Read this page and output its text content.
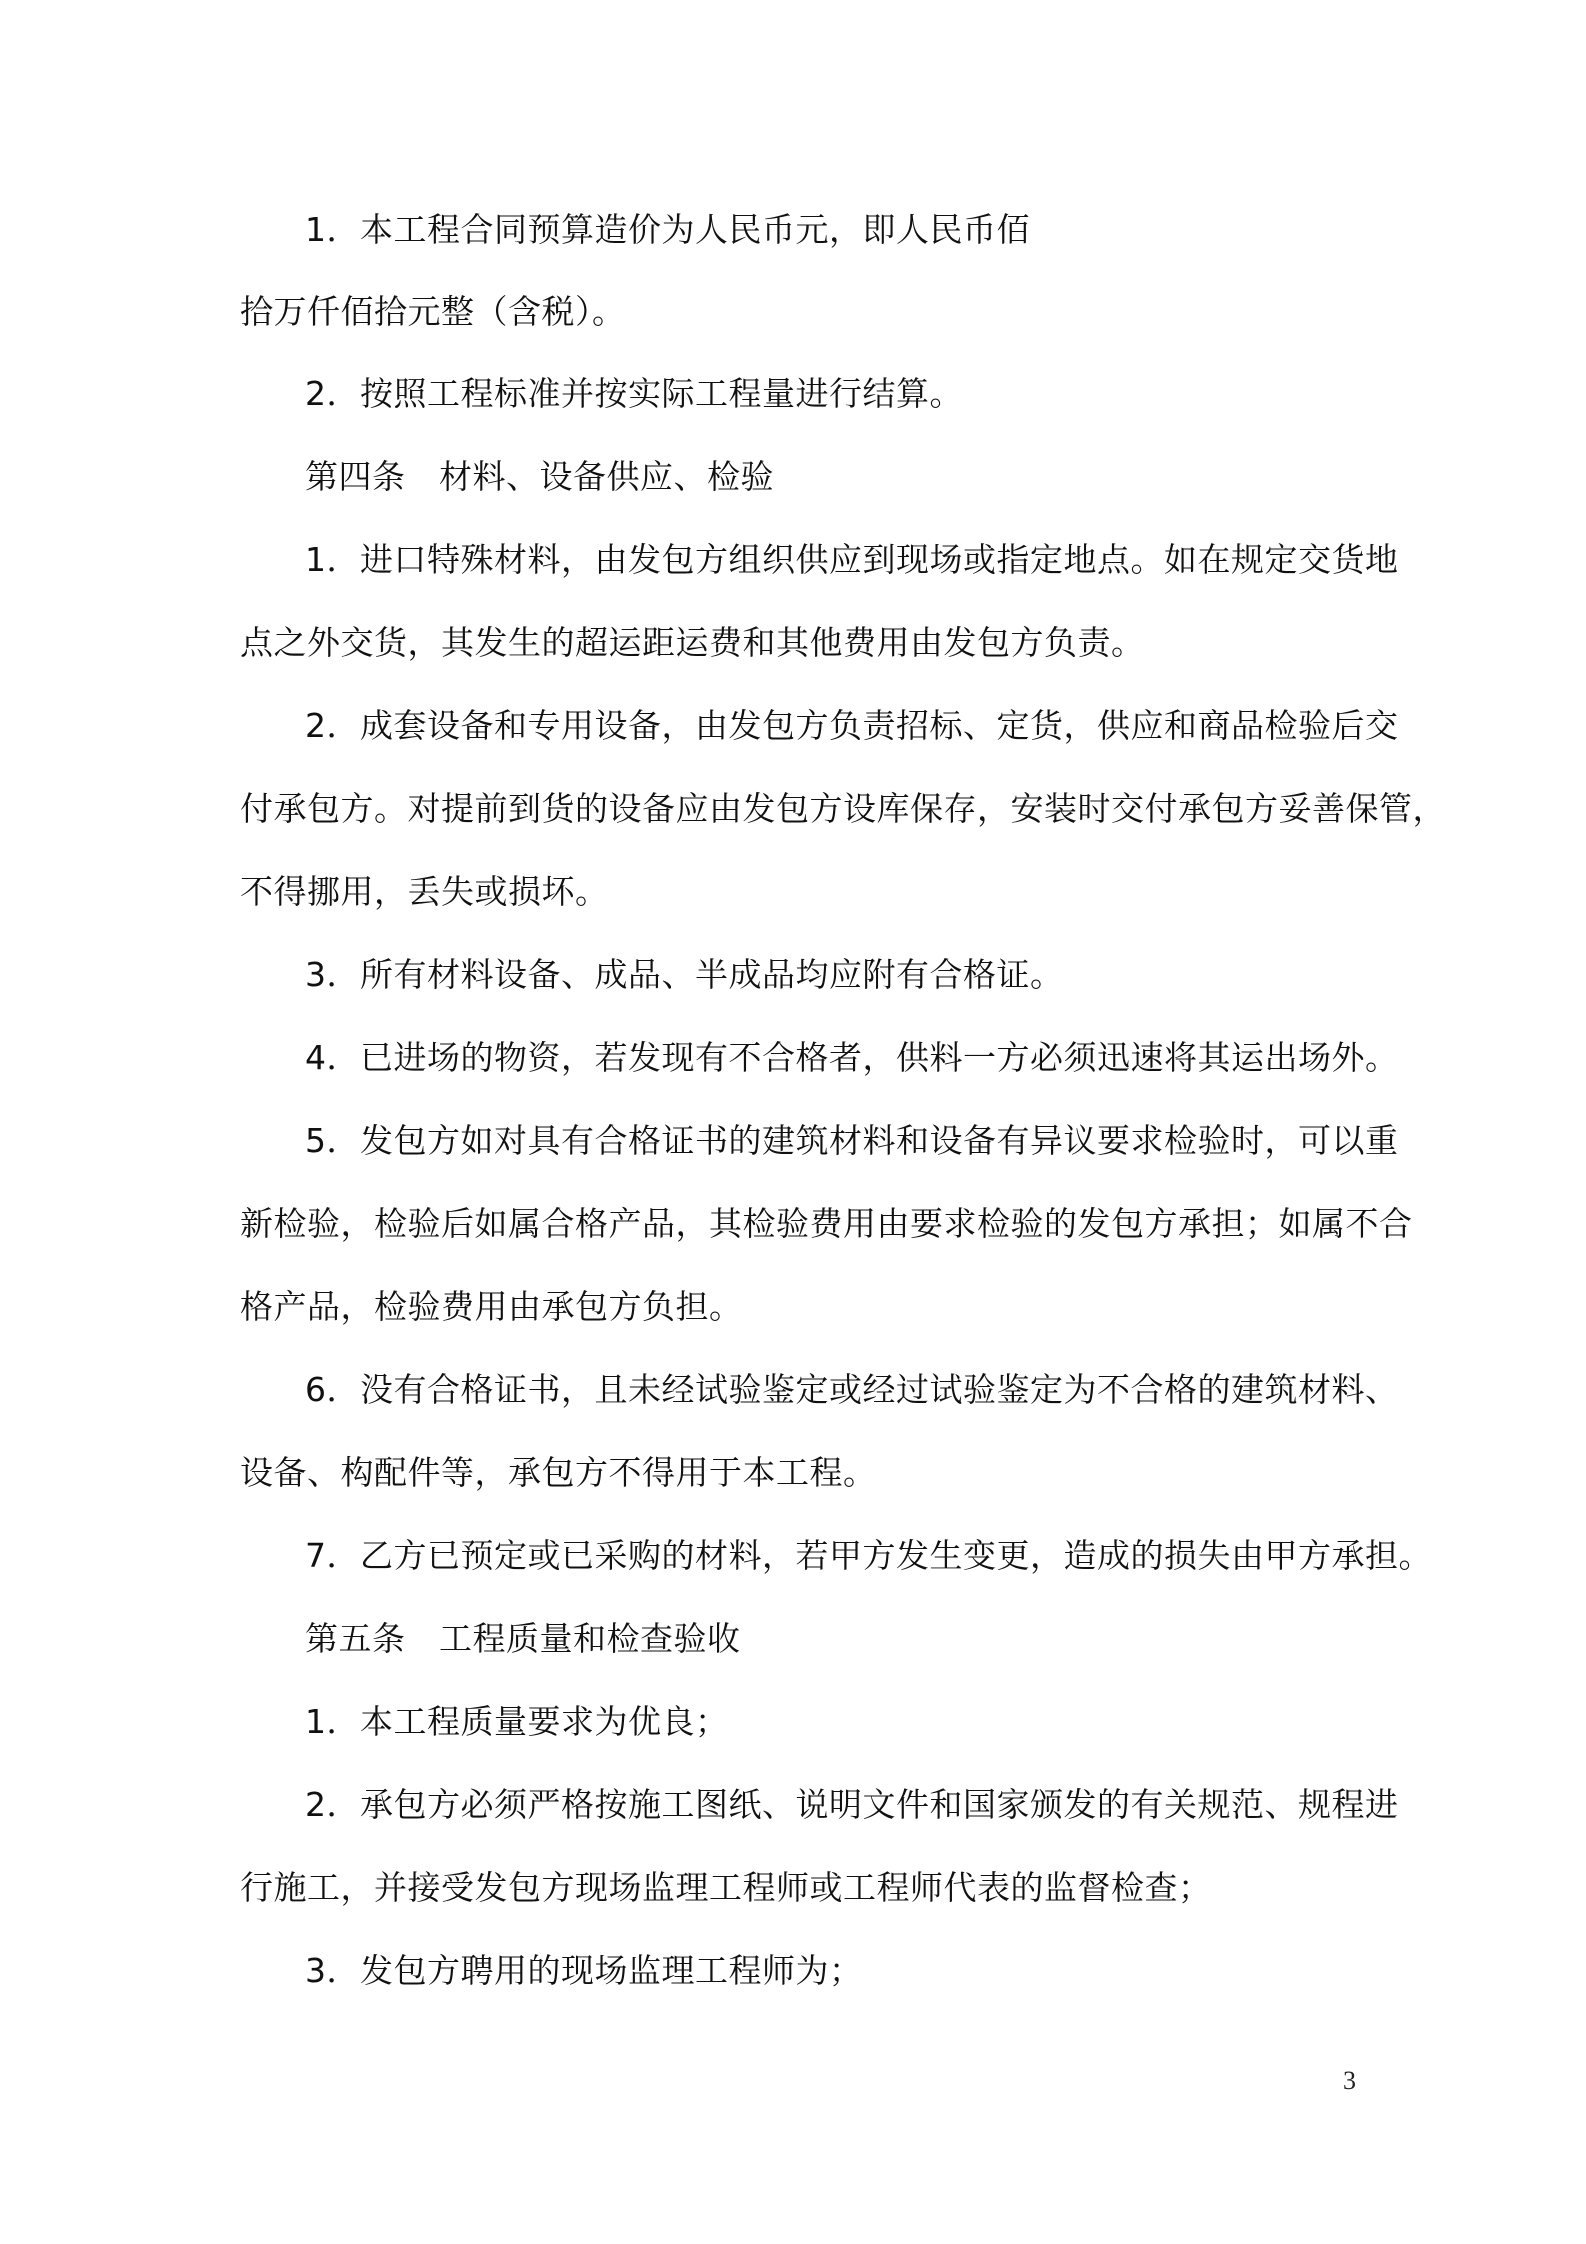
1．本工程合同预算造价为人民币元，即人民币佰
拾万仟佰拾元整（含税）。
2．按照工程标准并按实际工程量进行结算。
第四条　材料、设备供应、检验
1．进口特殊材料，由发包方组织供应到现场或指定地点。如在规定交货地
点之外交货，其发生的超运距运费和其他费用由发包方负责。
2．成套设备和专用设备，由发包方负责招标、定货，供应和商品检验后交
付承包方。对提前到货的设备应由发包方设库保存，安装时交付承包方妥善保管，
不得挪用，丢失或损坏。
3．所有材料设备、成品、半成品均应附有合格证。
4．已进场的物资，若发现有不合格者，供料一方必须迅速将其运出场外。
5．发包方如对具有合格证书的建筑材料和设备有异议要求检验时，可以重
新检验，检验后如属合格产品，其检验费用由要求检验的发包方承担；如属不合
格产品，检验费用由承包方负担。
6．没有合格证书，且未经试验鉴定或经过试验鉴定为不合格的建筑材料、
设备、构配件等，承包方不得用于本工程。
7．乙方已预定或已采购的材料，若甲方发生变更，造成的损失由甲方承担。
第五条　工程质量和检查验收
1．本工程质量要求为优良；
2．承包方必须严格按施工图纸、说明文件和国家颁发的有关规范、规程进
行施工，并接受发包方现场监理工程师或工程师代表的监督检查；
3．发包方聘用的现场监理工程师为；
3
